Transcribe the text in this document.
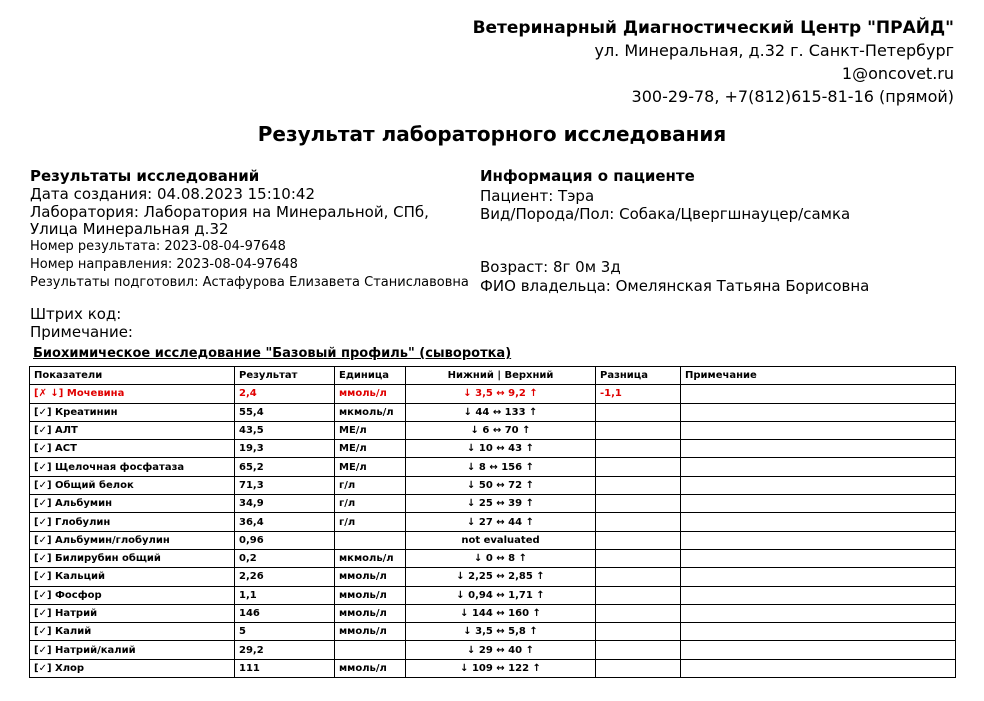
Ветеринарный Диагностический Центр "ПРАЙД"
ул. Минеральная, д.32 г. Санкт-Петербург
1@oncovet.ru
300-29-78, +7(812)615-81-16 (прямой)
Результат лабораторного исследования
Результаты исследований
Дата создания: 04.08.2023 15:10:42
Лаборатория: Лаборатория на Минеральной, СПб,
Улица Минеральная д.32
Номер результата: 2023-08-04-97648
Номер направления: 2023-08-04-97648
Результаты подготовил: Астафурова Елизавета Станиславовна
Информация о пациенте
Пациент: Тэра
Вид/Порода/Пол: Собака/Цвергшнауцер/самка
Возраст: 8г 0м 3д
ФИО владельца: Омелянская Татьяна Борисовна
Штрих код:
Примечание:
Биохимическое исследование "Базовый профиль" (сыворотка)
Показатели	Результат	Единица	Нижний | Верхний	Разница	Примечание
[✗ ↓] Мочевина	2,4	ммоль/л	↓ 3,5 ↔ 9,2 ↑	-1,1	
[✓] Креатинин	55,4	мкмоль/л	↓ 44 ↔ 133 ↑		
[✓] АЛТ	43,5	МЕ/л	↓ 6 ↔ 70 ↑		
[✓] АСТ	19,3	МЕ/л	↓ 10 ↔ 43 ↑		
[✓] Щелочная фосфатаза	65,2	МЕ/л	↓ 8 ↔ 156 ↑		
[✓] Общий белок	71,3	г/л	↓ 50 ↔ 72 ↑		
[✓] Альбумин	34,9	г/л	↓ 25 ↔ 39 ↑		
[✓] Глобулин	36,4	г/л	↓ 27 ↔ 44 ↑		
[✓] Альбумин/глобулин	0,96		not evaluated		
[✓] Билирубин общий	0,2	мкмоль/л	↓ 0 ↔ 8 ↑		
[✓] Кальций	2,26	ммоль/л	↓ 2,25 ↔ 2,85 ↑		
[✓] Фосфор	1,1	ммоль/л	↓ 0,94 ↔ 1,71 ↑		
[✓] Натрий	146	ммоль/л	↓ 144 ↔ 160 ↑		
[✓] Калий	5	ммоль/л	↓ 3,5 ↔ 5,8 ↑		
[✓] Натрий/калий	29,2		↓ 29 ↔ 40 ↑		
[✓] Хлор	111	ммоль/л	↓ 109 ↔ 122 ↑		
